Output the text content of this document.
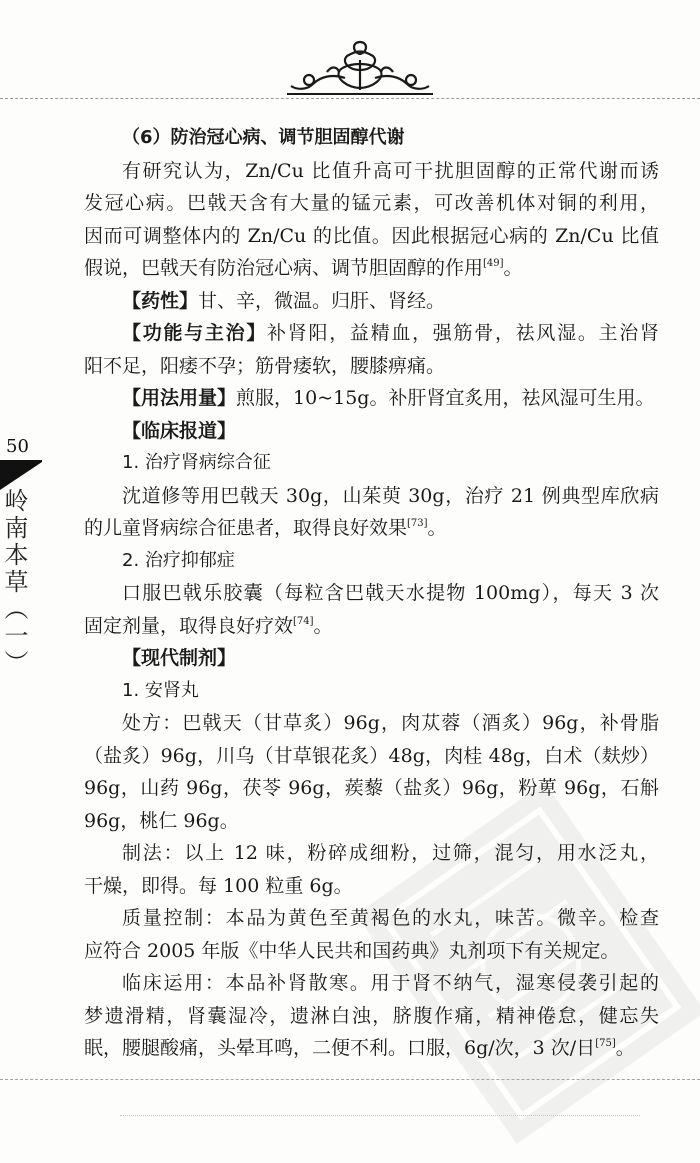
50
岭南本草（一）
（6）防治冠心病、调节胆固醇代谢
有研究认为，Zn/Cu 比值升高可干扰胆固醇的正常代谢而诱
发冠心病。巴戟天含有大量的锰元素，可改善机体对铜的利用，
因而可调整体内的 Zn/Cu 的比值。因此根据冠心病的 Zn/Cu 比值
假说，巴戟天有防治冠心病、调节胆固醇的作用[49]。
【药性】甘、辛，微温。归肝、肾经。
【功能与主治】补肾阳，益精血，强筋骨，祛风湿。主治肾
阳不足，阳痿不孕；筋骨痿软，腰膝痹痛。
【用法用量】煎服，10~15g。补肝肾宜炙用，祛风湿可生用。
【临床报道】
1. 治疗肾病综合征
沈道修等用巴戟天 30g，山茱萸 30g，治疗 21 例典型库欣病
的儿童肾病综合征患者，取得良好效果[73]。
2. 治疗抑郁症
口服巴戟乐胶囊（每粒含巴戟天水提物 100mg），每天 3 次
固定剂量，取得良好疗效[74]。
【现代制剂】
1. 安肾丸
处方：巴戟天（甘草炙）96g，肉苁蓉（酒炙）96g，补骨脂
（盐炙）96g，川乌（甘草银花炙）48g，肉桂 48g，白术（麸炒）
96g，山药 96g，茯苓 96g，蒺藜（盐炙）96g，粉萆 96g，石斛
96g，桃仁 96g。
制法：以上 12 味，粉碎成细粉，过筛，混匀，用水泛丸，
干燥，即得。每 100 粒重 6g。
质量控制：本品为黄色至黄褐色的水丸，味苦。微辛。检查
应符合 2005 年版《中华人民共和国药典》丸剂项下有关规定。
临床运用：本品补肾散寒。用于肾不纳气，湿寒侵袭引起的
梦遗滑精，肾囊湿冷，遗淋白浊，脐腹作痛，精神倦怠，健忘失
眠，腰腿酸痛，头晕耳鸣，二便不利。口服，6g/次，3 次/日[75]。
